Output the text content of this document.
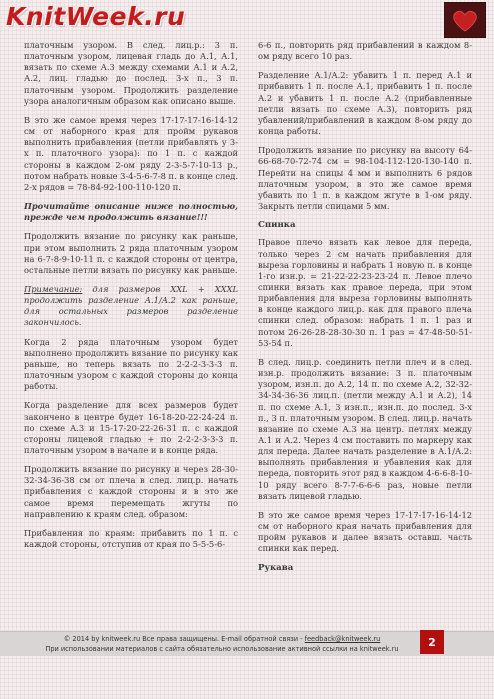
KnitWeek.ru

платочным узором. В след. лиц.р.: 3 п. платочным узором, лицевая гладь до А.1, А.1, вязать по схеме А.3 между схемами А.1 и А.2, А.2, лиц. гладью до послед. 3-х п., 3 п. платочным узором. Продолжить разделение узора аналогичным образом как описано выше.

В это же самое время через 17-17-17-16-14-12 см от наборного края для пройм рукавов выполнить прибавления (петли прибавлять у 3-х п. платочного узора): по 1 п. с каждой стороны в каждом 2-ом ряду 2-3-5-7-10-13 р., потом набрать новые 3-4-5-6-7-8 п. в конце след. 2-х рядов = 78-84-92-100-110-120 п.

Прочитайте описание ниже полностью, прежде чем продолжить вязание!!!

Продолжить вязание по рисунку как раньше, при этом выполнить 2 ряда платочным узором на 6-7-8-9-10-11 п. с каждой стороны от центра, остальные петли вязать по рисунку как раньше.

Примечание: для размеров XXL + XXXL продолжить разделение А.1/А.2 как раньше, для остальных размеров разделение закончилось.

Когда 2 ряда платочным узором будет выполнено продолжить вязание по рисунку как раньше, но теперь вязать по 2-2-2-3-3-3 п. платочным узором с каждой стороны до конца работы.

Когда разделение для всех размеров будет закончено в центре будет 16-18-20-22-24-24 п. по схеме А.3 и 15-17-20-22-26-31 п. с каждой стороны лицевой гладью + по 2-2-2-3-3-3 п. платочным узором в начале и в конце ряда.

Продолжить вязание по рисунку и через 28-30-32-34-36-38 см от плеча в след. лиц.р. начать прибавления с каждой стороны и в это же самое время перемещать жгуты по направлению к краям след. образом:

Прибавления по краям: прибавить по 1 п. с каждой стороны, отступив от края по 5-5-5-6-

6-6 п., повторить ряд прибавлений в каждом 8-ом ряду всего 10 раз.

Разделение А.1/А.2: убавить 1 п. перед А.1 и прибавить 1 п. после А.1, прибавить 1 п. после А.2 и убавить 1 п. после А.2 (прибавленные петли вязать по схеме А.3), повторить ряд убавлений/прибавлений в каждом 8-ом ряду до конца работы.

Продолжить вязание по рисунку на высоту 64-66-68-70-72-74 см = 98-104-112-120-130-140 п. Перейти на спицы 4 мм и выполнить 6 рядов платочным узором, в это же самое время убавить по 1 п. в каждом жгуте в 1-ом ряду. Закрыть петли спицами 5 мм.

Спинка

Правое плечо вязать как левое для переда, только через 2 см начать прибавления для выреза горловины и набрать 1 новую п. в конце 1-го изн.р. = 21-22-22-23-23-24 п. Левое плечо спинки вязать как правое переда, при этом прибавления для выреза горловины выполнять в конце каждого лиц.р. как для правого плеча спинки след. образом: набрать 1 п. 1 раз и потом 26-26-28-28-30-30 п. 1 раз = 47-48-50-51-53-54 п.

В след. лиц.р. соединить петли плеч и в след. изн.р. продолжить вязание: 3 п. платочным узором, изн.п. до А.2, 14 п. по схеме А.2, 32-32-34-34-36-36 лиц.п. (петли между А.1 и А.2), 14 п. по схеме А.1, 3 изн.п., изн.п. до послед. 3-х п., 3 п. платочным узором. В след. лиц.р. начать вязание по схеме А.3 на центр. петлях между А.1 и А.2. Через 4 см поставить по маркеру как для переда. Далее начать разделение в А.1/А.2: выполнять прибавления и убавления как для переда, повторить этот ряд в каждом 4-6-6-8-10-10 ряду всего 8-7-7-6-6-6 раз, новые петли вязать лицевой гладью.

В это же самое время через 17-17-17-16-14-12 см от наборного края начать прибавления для пройм рукавов и далее вязать оставш. часть спинки как перед.

Рукава
© 2014 by knitweek.ru Все права защищены. E-mail обратной связи - feedback@knitweek.ru
При использовании материалов с сайта обязательно использование активной ссылки на knitweek.ru
2
